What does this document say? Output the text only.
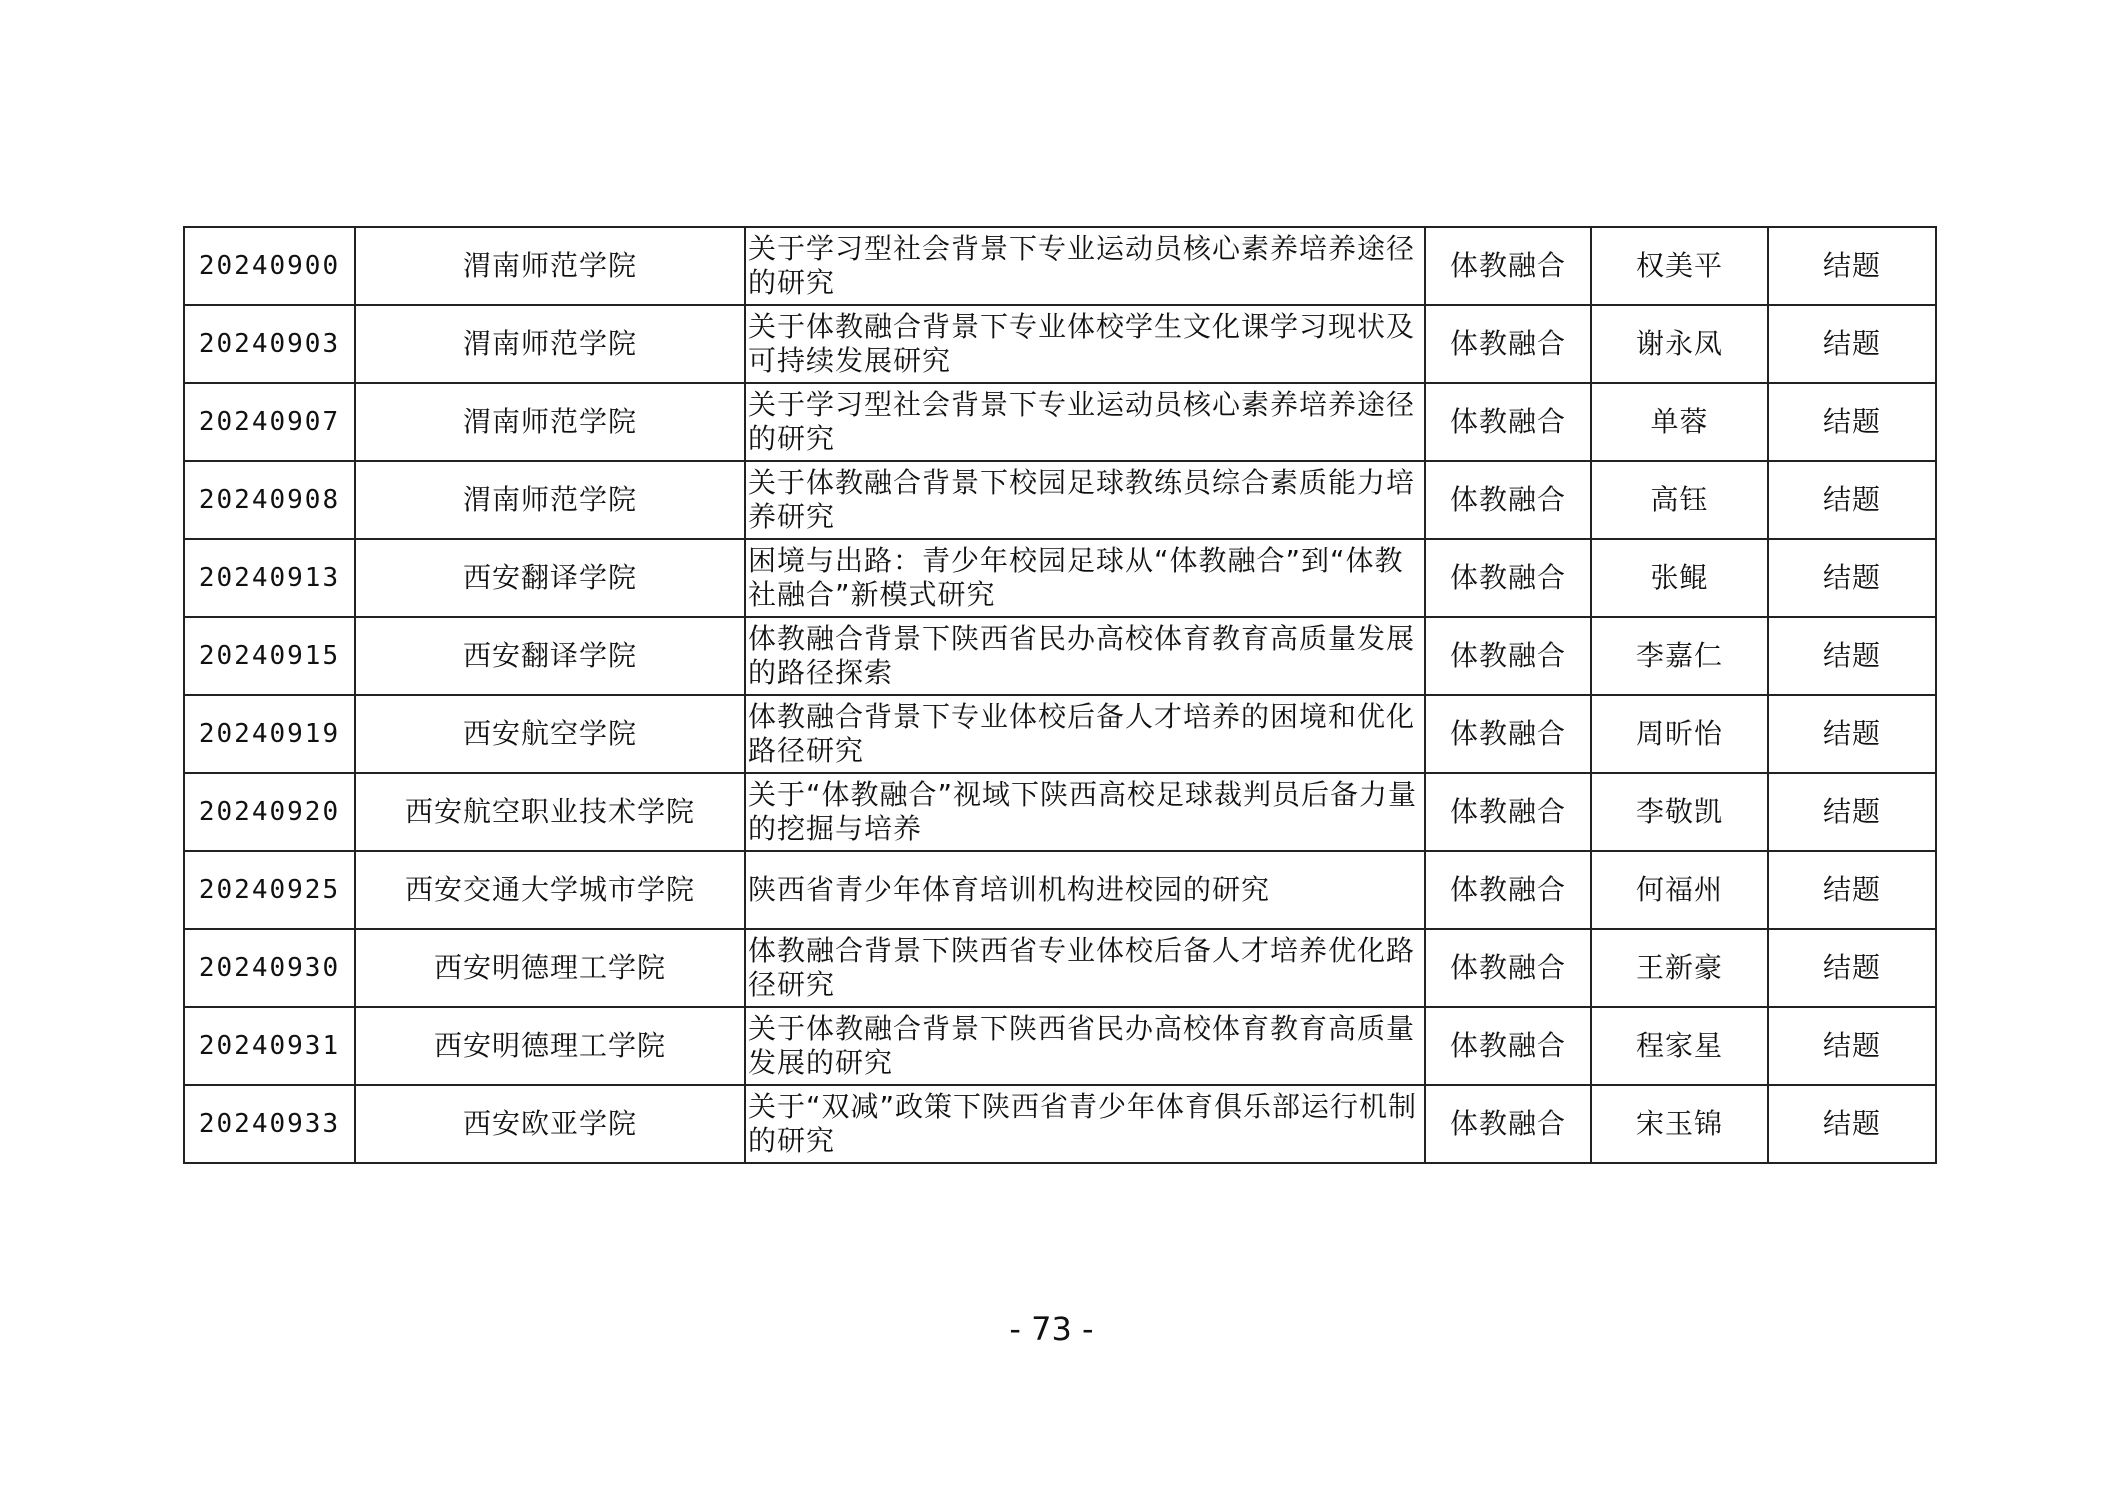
20240900	渭南师范学院	关于学习型社会背景下专业运动员核心素养培养途径的研究	体教融合	权美平	结题
20240903	渭南师范学院	关于体教融合背景下专业体校学生文化课学习现状及可持续发展研究	体教融合	谢永凤	结题
20240907	渭南师范学院	关于学习型社会背景下专业运动员核心素养培养途径的研究	体教融合	单蓉	结题
20240908	渭南师范学院	关于体教融合背景下校园足球教练员综合素质能力培养研究	体教融合	高钰	结题
20240913	西安翻译学院	困境与出路：青少年校园足球从“体教融合”到“体教社融合”新模式研究	体教融合	张鲲	结题
20240915	西安翻译学院	体教融合背景下陕西省民办高校体育教育高质量发展的路径探索	体教融合	李嘉仁	结题
20240919	西安航空学院	体教融合背景下专业体校后备人才培养的困境和优化路径研究	体教融合	周昕怡	结题
20240920	西安航空职业技术学院	关于“体教融合”视域下陕西高校足球裁判员后备力量的挖掘与培养	体教融合	李敬凯	结题
20240925	西安交通大学城市学院	陕西省青少年体育培训机构进校园的研究	体教融合	何福州	结题
20240930	西安明德理工学院	体教融合背景下陕西省专业体校后备人才培养优化路径研究	体教融合	王新豪	结题
20240931	西安明德理工学院	关于体教融合背景下陕西省民办高校体育教育高质量发展的研究	体教融合	程家星	结题
20240933	西安欧亚学院	关于“双减”政策下陕西省青少年体育俱乐部运行机制的研究	体教融合	宋玉锦	结题
- 73 -
